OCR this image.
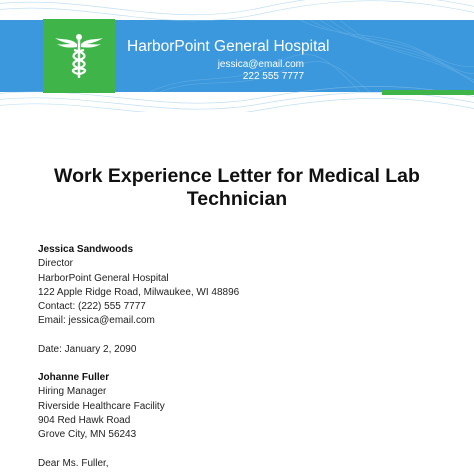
HarborPoint General Hospital
jessica@email.com
222 555 7777
Work Experience Letter for Medical Lab Technician
Jessica Sandwoods
Director
HarborPoint General Hospital
122 Apple Ridge Road, Milwaukee, WI 48896
Contact: (222) 555 7777
Email: jessica@email.com
Date: January 2, 2090
Johanne Fuller
Hiring Manager
Riverside Healthcare Facility
904 Red Hawk Road
Grove City, MN 56243
Dear Ms. Fuller,
